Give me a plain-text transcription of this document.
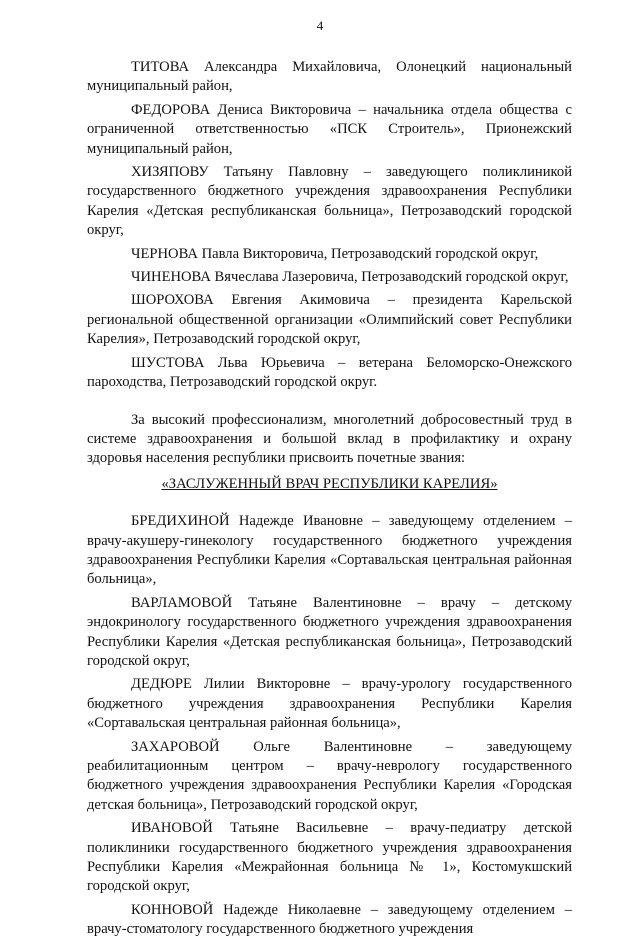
4

ТИТОВА Александра Михайловича, Олонецкий национальный муниципальный район,

ФЕДОРОВА Дениса Викторовича – начальника отдела общества с ограниченной ответственностью «ПСК Строитель», Прионежский муниципальный район,

ХИЗЯПОВУ Татьяну Павловну – заведующего поликлиникой государственного бюджетного учреждения здравоохранения Республики Карелия «Детская республиканская больница», Петрозаводский городской округ,

ЧЕРНОВА Павла Викторовича, Петрозаводский городской округ,

ЧИНЕНОВА Вячеслава Лазеровича, Петрозаводский городской округ,

ШОРОХОВА Евгения Акимовича – президента Карельской региональной общественной организации «Олимпийский совет Республики Карелия», Петрозаводский городской округ,

ШУСТОВА Льва Юрьевича – ветерана Беломорско-Онежского пароходства, Петрозаводский городской округ.

За высокий профессионализм, многолетний добросовестный труд в системе здравоохранения и большой вклад в профилактику и охрану здоровья населения республики присвоить почетные звания:

«ЗАСЛУЖЕННЫЙ ВРАЧ РЕСПУБЛИКИ КАРЕЛИЯ»

БРЕДИХИНОЙ Надежде Ивановне – заведующему отделением – врачу-акушеру-гинекологу государственного бюджетного учреждения здравоохранения Республики Карелия «Сортавальская центральная районная больница»,

ВАРЛАМОВОЙ Татьяне Валентиновне – врачу – детскому эндокринологу государственного бюджетного учреждения здравоохранения Республики Карелия «Детская республиканская больница», Петрозаводский городской округ,

ДЕДЮРЕ Лилии Викторовне – врачу-урологу государственного бюджетного учреждения здравоохранения Республики Карелия «Сортавальская центральная районная больница»,

ЗАХАРОВОЙ Ольге Валентиновне – заведующему реабилитационным центром – врачу-неврологу государственного бюджетного учреждения здравоохранения Республики Карелия «Городская детская больница», Петрозаводский городской округ,

ИВАНОВОЙ Татьяне Васильевне – врачу-педиатру детской поликлиники государственного бюджетного учреждения здравоохранения Республики Карелия «Межрайонная больница № 1», Костомукшский городской округ,

КОННОВОЙ Надежде Николаевне – заведующему отделением – врачу-стоматологу государственного бюджетного учреждения
